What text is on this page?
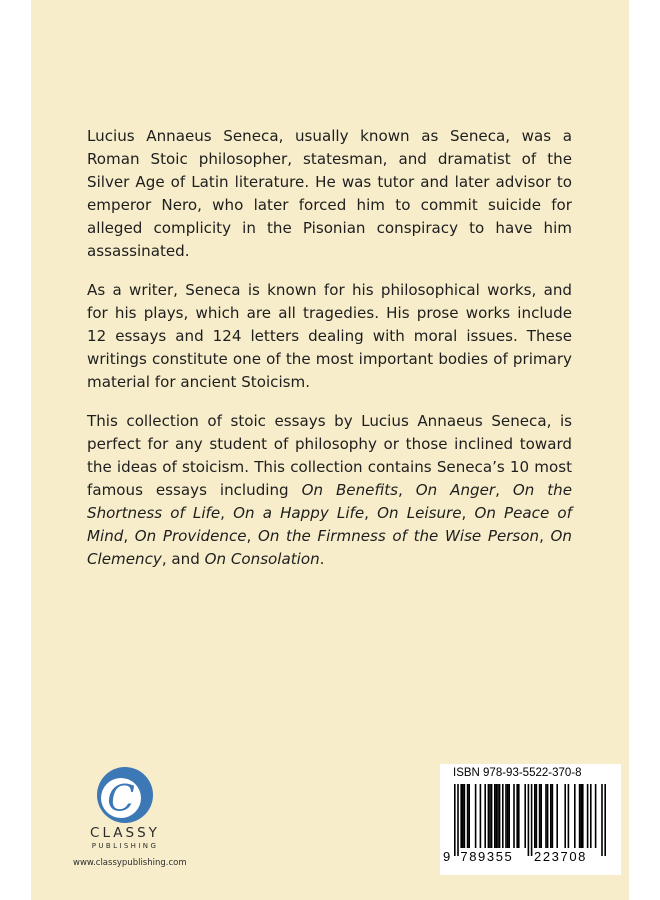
Lucius Annaeus Seneca, usually known as Seneca, was a Roman Stoic philosopher, statesman, and dramatist of the Silver Age of Latin literature. He was tutor and later advisor to emperor Nero, who later forced him to commit suicide for alleged complicity in the Pisonian conspiracy to have him assassinated.

As a writer, Seneca is known for his philosophical works, and for his plays, which are all tragedies. His prose works include 12 essays and 124 letters dealing with moral issues. These writings constitute one of the most important bodies of primary material for ancient Stoicism.

This collection of stoic essays by Lucius Annaeus Seneca, is perfect for any student of philosophy or those inclined toward the ideas of stoicism. This collection contains Seneca’s 10 most famous essays including On Benefits, On Anger, On the Shortness of Life, On a Happy Life, On Leisure, On Peace of Mind, On Providence, On the Firmness of the Wise Person, On Clemency, and On Consolation.

C
CLASSY
PUBLISHING
www.classypublishing.com
ISBN 978-93-5522-370-8
9 789355 223708
